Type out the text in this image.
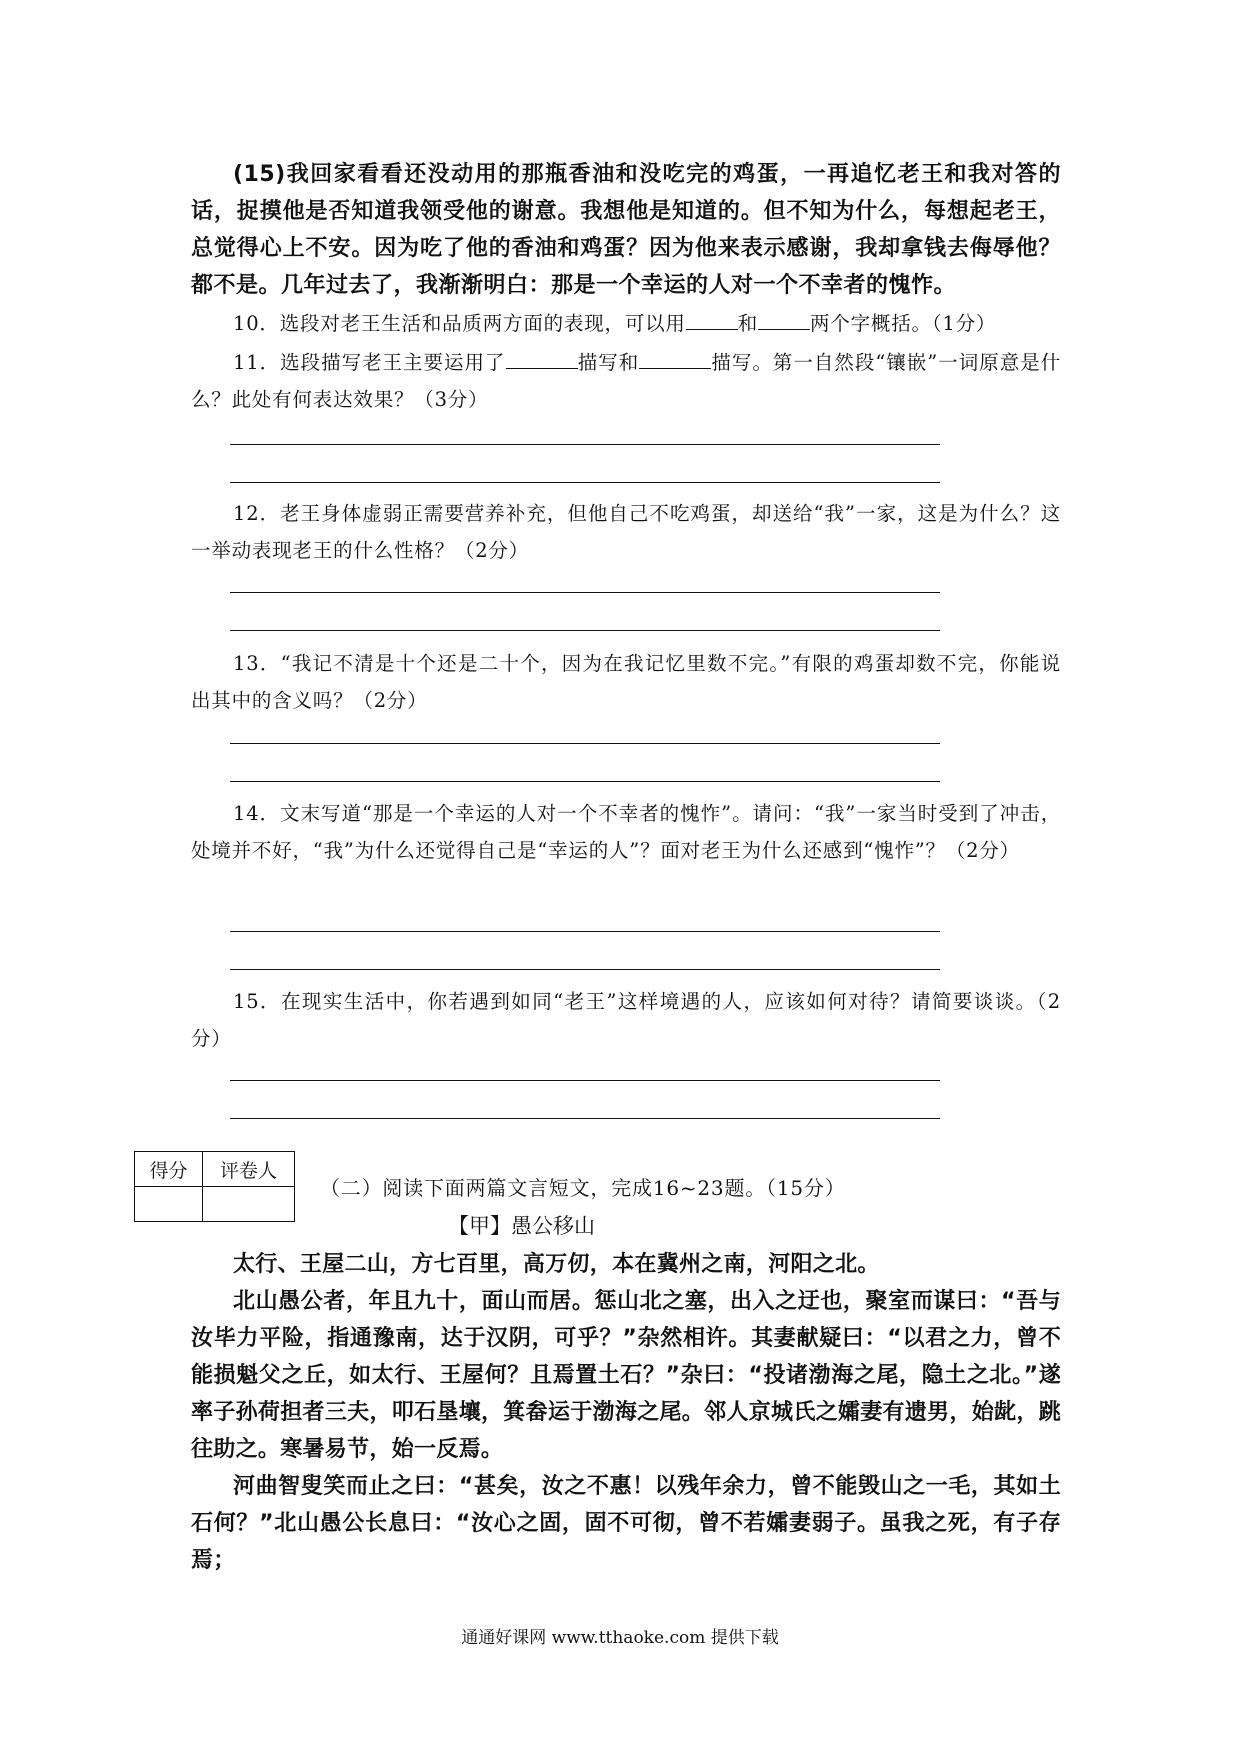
(15)我回家看看还没动用的那瓶香油和没吃完的鸡蛋，一再追忆老王和我对答的话，捉摸他是否知道我领受他的谢意。我想他是知道的。但不知为什么，每想起老王，总觉得心上不安。因为吃了他的香油和鸡蛋？因为他来表示感谢，我却拿钱去侮辱他？都不是。几年过去了，我渐渐明白：那是一个幸运的人对一个不幸者的愧怍。

10．选段对老王生活和品质两方面的表现，可以用	和	两个字概括。（1分）

11．选段描写老王主要运用了	描写和	描写。第一自然段“镶嵌”一词原意是什么？此处有何表达效果？（3分）

12．老王身体虚弱正需要营养补充，但他自己不吃鸡蛋，却送给“我”一家，这是为什么？这一举动表现老王的什么性格？（2分）

13．“我记不清是十个还是二十个，因为在我记忆里数不完。”有限的鸡蛋却数不完，你能说出其中的含义吗？（2分）

14．文末写道“那是一个幸运的人对一个不幸者的愧怍”。请问：“我”一家当时受到了冲击，处境并不好，“我”为什么还觉得自己是“幸运的人”？面对老王为什么还感到“愧怍”？（2分）

15．在现实生活中，你若遇到如同“老王”这样境遇的人，应该如何对待？请简要谈谈。（2分）

得分	评卷人

（二）阅读下面两篇文言短文，完成16~23题。（15分）

【甲】愚公移山

太行、王屋二山，方七百里，高万仞，本在冀州之南，河阳之北。

北山愚公者，年且九十，面山而居。惩山北之塞，出入之迂也，聚室而谋曰：“吾与汝毕力平险，指通豫南，达于汉阴，可乎？”杂然相许。其妻献疑曰：“以君之力，曾不能损魁父之丘，如太行、王屋何？且焉置土石？”杂曰：“投诸渤海之尾，隐土之北。”遂率子孙荷担者三夫，叩石垦壤，箕畚运于渤海之尾。邻人京城氏之孀妻有遗男，始龀，跳往助之。寒暑易节，始一反焉。

河曲智叟笑而止之曰：“甚矣，汝之不惠！以残年余力，曾不能毁山之一毛，其如土石何？”北山愚公长息曰：“汝心之固，固不可彻，曾不若孀妻弱子。虽我之死，有子存焉；

通通好课网 www.tthaoke.com 提供下载
